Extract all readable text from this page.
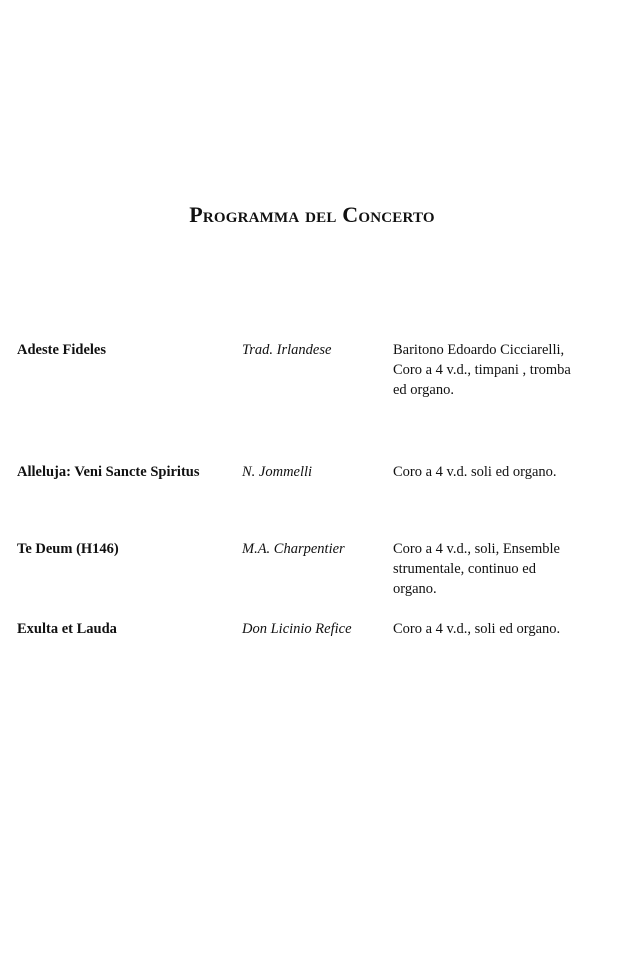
Programma del Concerto
Adeste Fideles	Trad. Irlandese	Baritono Edoardo Cicciarelli,
Coro a 4 v.d., timpani , tromba
ed organo.
Alleluja: Veni Sancte Spiritus	N. Jommelli	Coro a 4 v.d. soli ed organo.
Te Deum (H146)	M.A. Charpentier	Coro a 4 v.d., soli, Ensemble
strumentale, continuo ed
organo.
Exulta et Lauda	Don Licinio Refice	Coro a 4 v.d., soli ed organo.
